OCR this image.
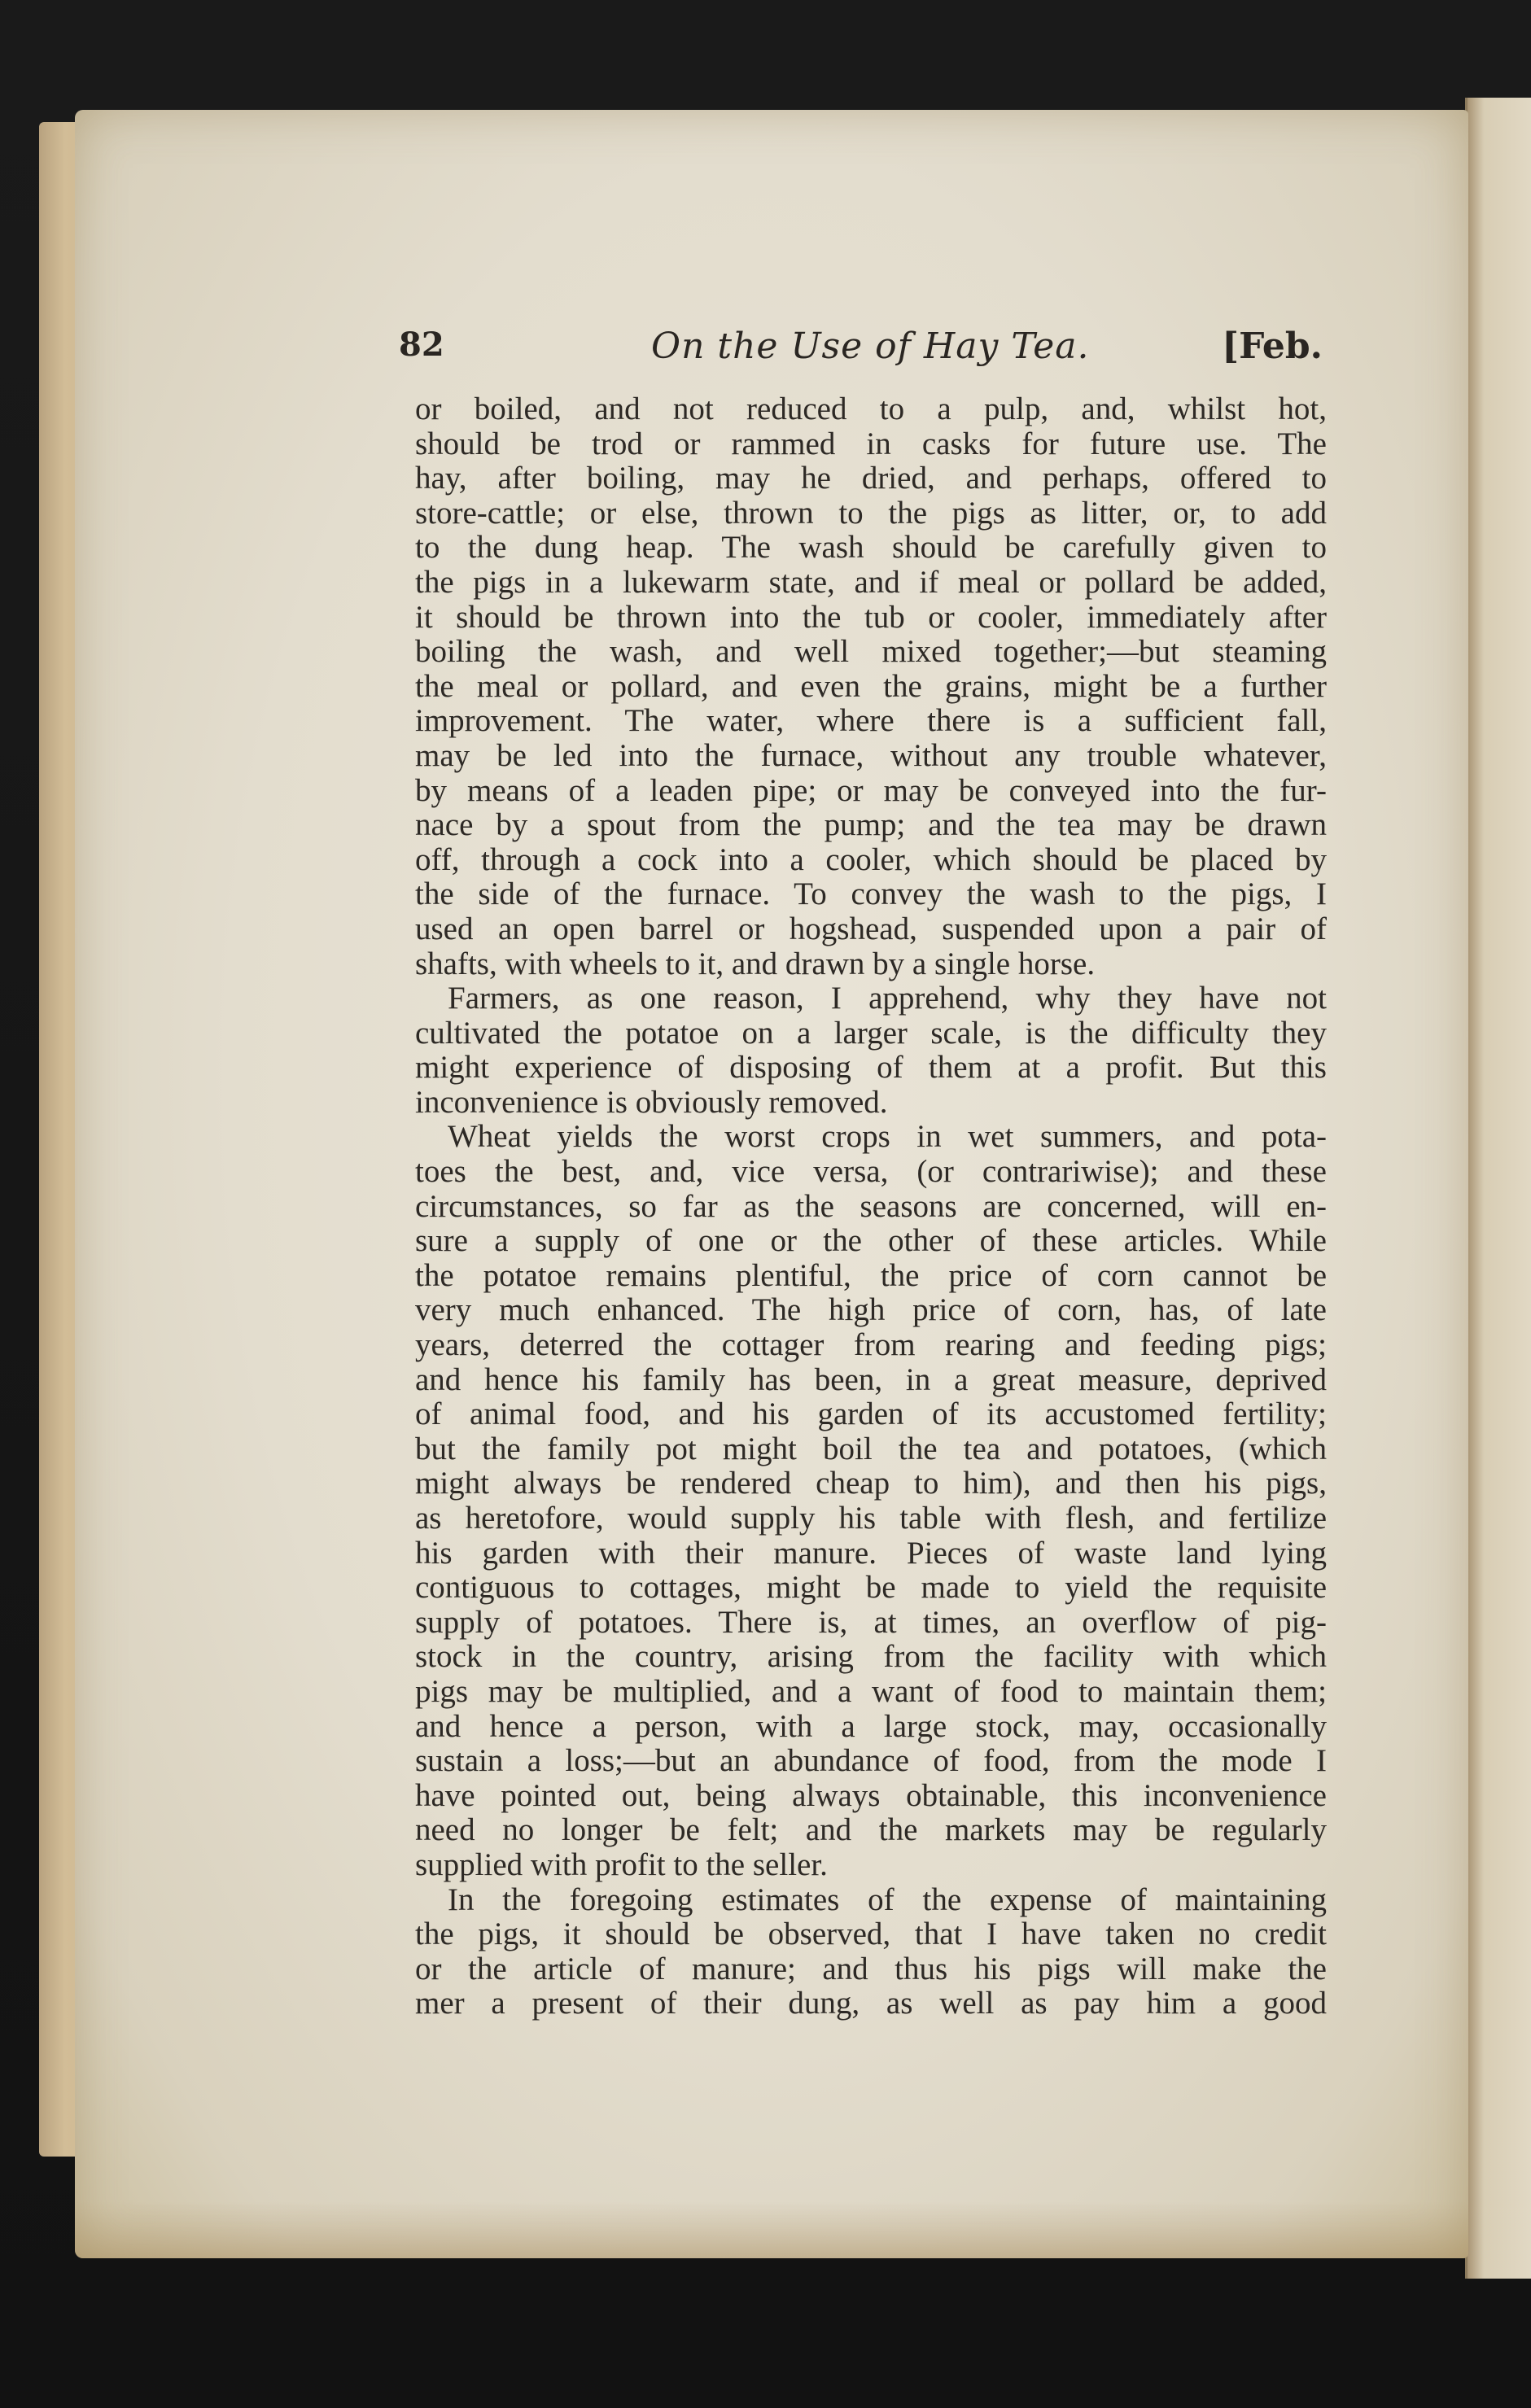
82	On the Use of Hay Tea.	[Feb.
or boiled, and not reduced to a pulp, and, whilst hot,
should be trod or rammed in casks for future use. The
hay, after boiling, may he dried, and perhaps, offered to
store-cattle; or else, thrown to the pigs as litter, or, to add
to the dung heap. The wash should be carefully given to
the pigs in a lukewarm state, and if meal or pollard be added,
it should be thrown into the tub or cooler, immediately after
boiling the wash, and well mixed together;—but steaming
the meal or pollard, and even the grains, might be a further
improvement. The water, where there is a sufficient fall,
may be led into the furnace, without any trouble whatever,
by means of a leaden pipe; or may be conveyed into the fur-
nace by a spout from the pump; and the tea may be drawn
off, through a cock into a cooler, which should be placed by
the side of the furnace. To convey the wash to the pigs, I
used an open barrel or hogshead, suspended upon a pair of
shafts, with wheels to it, and drawn by a single horse.
Farmers, as one reason, I apprehend, why they have not
cultivated the potatoe on a larger scale, is the difficulty they
might experience of disposing of them at a profit. But this
inconvenience is obviously removed.
Wheat yields the worst crops in wet summers, and pota-
toes the best, and, vice versa, (or contrariwise); and these
circumstances, so far as the seasons are concerned, will en-
sure a supply of one or the other of these articles. While
the potatoe remains plentiful, the price of corn cannot be
very much enhanced. The high price of corn, has, of late
years, deterred the cottager from rearing and feeding pigs;
and hence his family has been, in a great measure, deprived
of animal food, and his garden of its accustomed fertility;
but the family pot might boil the tea and potatoes, (which
might always be rendered cheap to him), and then his pigs,
as heretofore, would supply his table with flesh, and fertilize
his garden with their manure. Pieces of waste land lying
contiguous to cottages, might be made to yield the requisite
supply of potatoes. There is, at times, an overflow of pig-
stock in the country, arising from the facility with which
pigs may be multiplied, and a want of food to maintain them;
and hence a person, with a large stock, may, occasionally
sustain a loss;—but an abundance of food, from the mode I
have pointed out, being always obtainable, this inconvenience
need no longer be felt; and the markets may be regularly
supplied with profit to the seller.
In the foregoing estimates of the expense of maintaining
the pigs, it should be observed, that I have taken no credit
or the article of manure; and thus his pigs will make the
mer a present of their dung, as well as pay him a good
